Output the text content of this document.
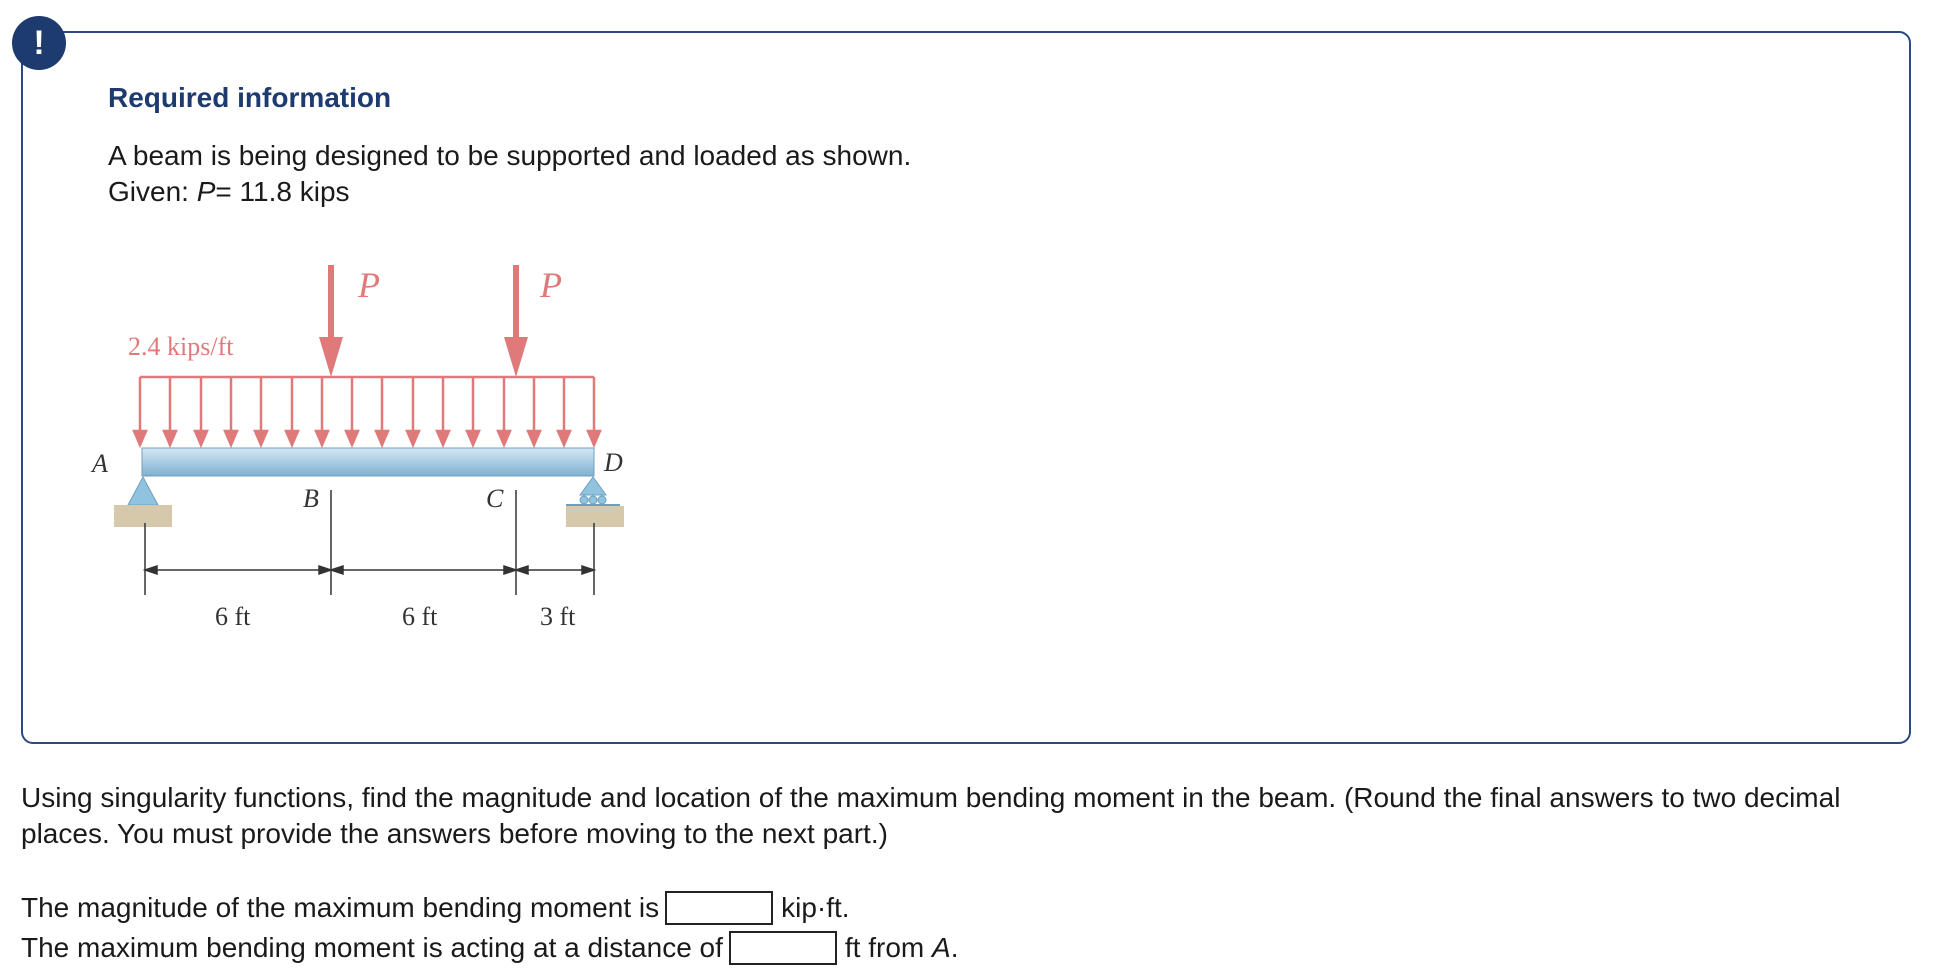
!
Required information
A beam is being designed to be supported and loaded as shown.
Given: P= 11.8 kips
P	P
2.4 kips/ft
A	D
B	C
6 ft	6 ft	3 ft
Using singularity functions, find the magnitude and location of the maximum bending moment in the beam. (Round the final answers to two decimal places. You must provide the answers before moving to the next part.)
The magnitude of the maximum bending moment is	kip·ft.
The maximum bending moment is acting at a distance of	ft from A.
